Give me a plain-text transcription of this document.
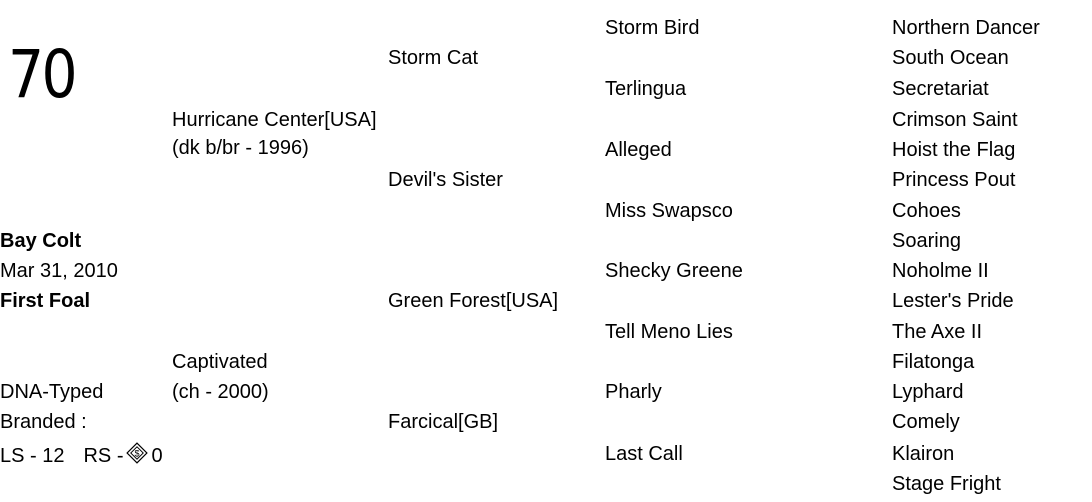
70
Hurricane Center[USA]
(dk b/br - 1996)
Bay Colt
Mar 31, 2010
First Foal
Captivated
DNA-Typed	(ch - 2000)
Branded :
LS - 12 RS - $ 0
Storm Cat
Devil's Sister
Green Forest[USA]
Farcical[GB]
Storm Bird
Terlingua
Alleged
Miss Swapsco
Shecky Greene
Tell Meno Lies
Pharly
Last Call
Northern Dancer
South Ocean
Secretariat
Crimson Saint
Hoist the Flag
Princess Pout
Cohoes
Soaring
Noholme II
Lester's Pride
The Axe II
Filatonga
Lyphard
Comely
Klairon
Stage Fright
